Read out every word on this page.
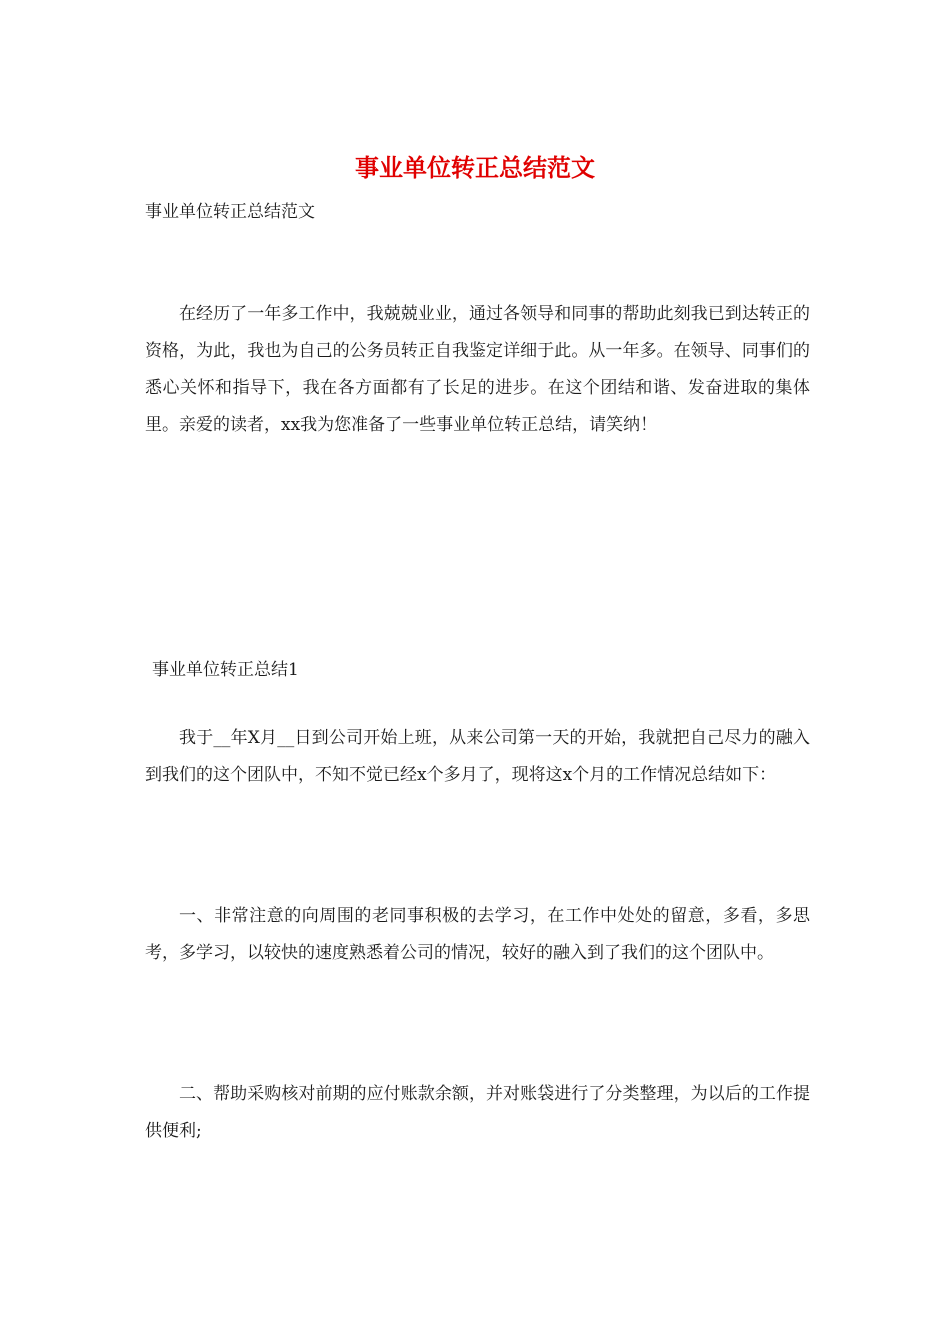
事业单位转正总结范文

事业单位转正总结范文

在经历了一年多工作中，我兢兢业业，通过各领导和同事的帮助此刻我已到达转正的资格，为此，我也为自己的公务员转正自我鉴定详细于此。从一年多。在领导、同事们的悉心关怀和指导下，我在各方面都有了长足的进步。在这个团结和谐、发奋进取的集体里。亲爱的读者，xx我为您准备了一些事业单位转正总结，请笑纳！

事业单位转正总结1

我于__年X月__日到公司开始上班，从来公司第一天的开始，我就把自己尽力的融入到我们的这个团队中，不知不觉已经x个多月了，现将这x个月的工作情况总结如下：

一、非常注意的向周围的老同事积极的去学习，在工作中处处的留意，多看，多思考，多学习，以较快的速度熟悉着公司的情况，较好的融入到了我们的这个团队中。

二、帮助采购核对前期的应付账款余额，并对账袋进行了分类整理，为以后的工作提供便利;
